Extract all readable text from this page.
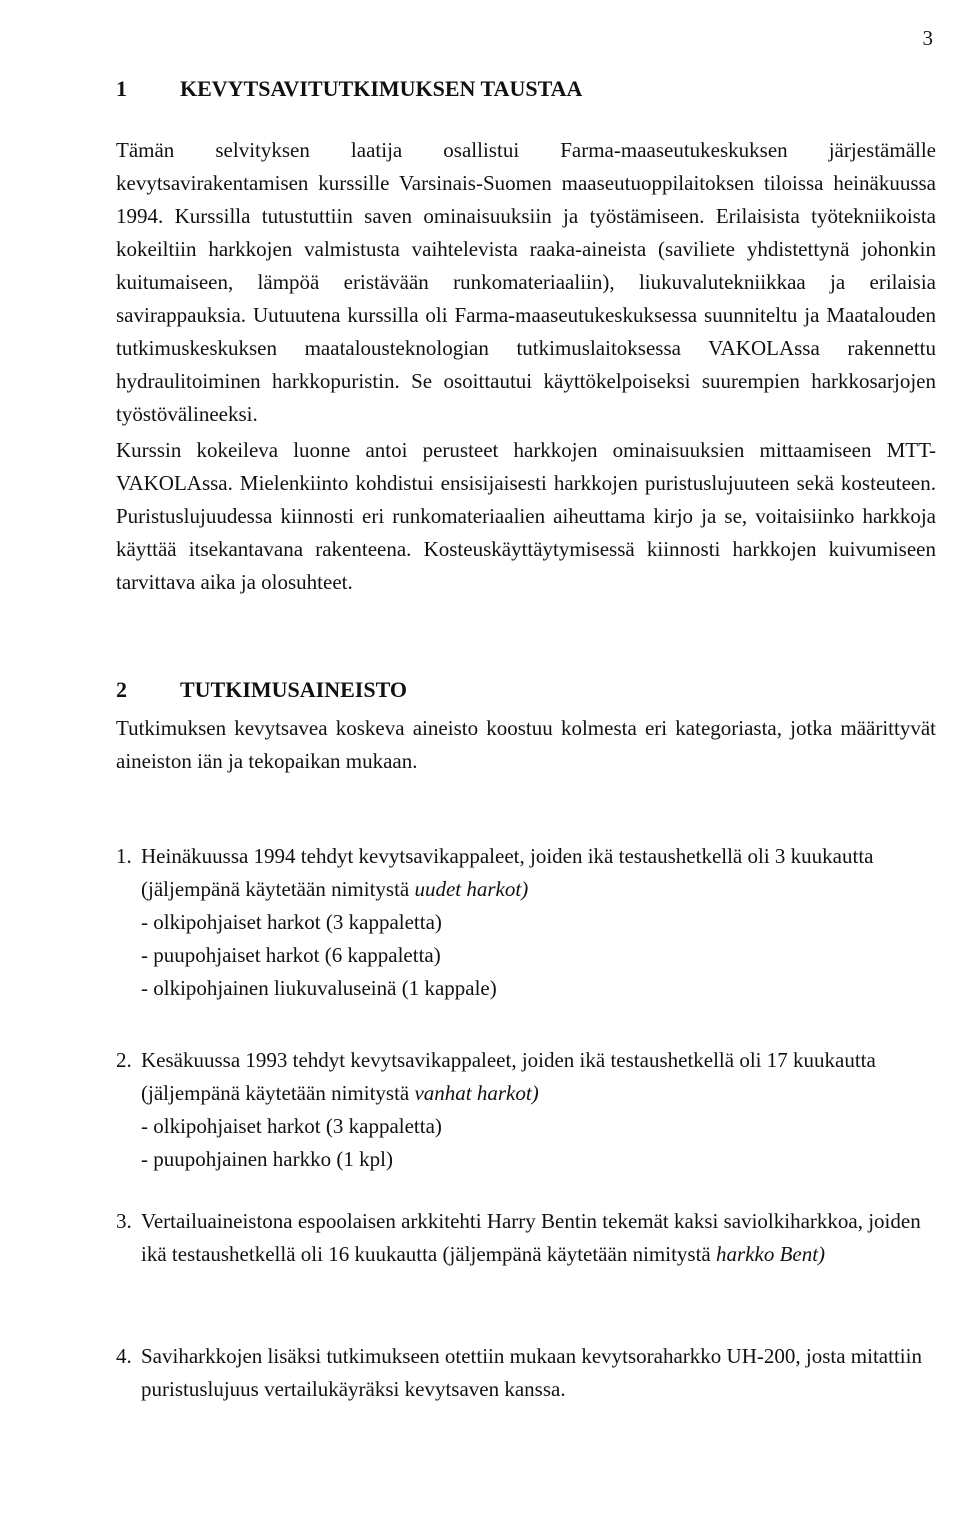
3
1 KEVYTSAVITUTKIMUKSEN TAUSTAA

Tämän selvityksen laatija osallistui Farma-maaseutukeskuksen järjestämälle kevytsavirakentamisen kurssille Varsinais-Suomen maaseutuoppilaitoksen tiloissa heinäkuussa 1994. Kurssilla tutustuttiin saven ominaisuuksiin ja työstämiseen. Erilaisista työtekniikoista kokeiltiin harkkojen valmistusta vaihtelevista raaka-aineista (saviliete yhdistettynä johonkin kuitumaiseen, lämpöä eristävään runkomateriaaliin), liukuvalutekniikkaa ja erilaisia savirappauksia. Uutuutena kurssilla oli Farma-maaseutukeskuksessa suunniteltu ja Maatalouden tutkimuskeskuksen maatalousteknologian tutkimuslaitoksessa VAKOLAssa rakennettu hydraulitoiminen harkkopuristin. Se osoittautui käyttökelpoiseksi suurempien harkkosarjojen työstövälineeksi.

Kurssin kokeileva luonne antoi perusteet harkkojen ominaisuuksien mittaamiseen MTT-VAKOLAssa. Mielenkiinto kohdistui ensisijaisesti harkkojen puristuslujuuteen sekä kosteuteen. Puristuslujuudessa kiinnosti eri runkomateriaalien aiheuttama kirjo ja se, voitaisiinko harkkoja käyttää itsekantavana rakenteena. Kosteuskäyttäytymisessä kiinnosti harkkojen kuivumiseen tarvittava aika ja olosuhteet.

2 TUTKIMUSAINEISTO

Tutkimuksen kevytsavea koskeva aineisto koostuu kolmesta eri kategoriasta, jotka määrittyvät aineiston iän ja tekopaikan mukaan.

1. Heinäkuussa 1994 tehdyt kevytsavikappaleet, joiden ikä testaushetkellä oli 3 kuukautta (jäljempänä käytetään nimitystä uudet harkot)
- olkipohjaiset harkot (3 kappaletta)
- puupohjaiset harkot (6 kappaletta)
- olkipohjainen liukuvaluseinä (1 kappale)
2. Kesäkuussa 1993 tehdyt kevytsavikappaleet, joiden ikä testaushetkellä oli 17 kuukautta (jäljempänä käytetään nimitystä vanhat harkot)
- olkipohjaiset harkot (3 kappaletta)
- puupohjainen harkko (1 kpl)
3. Vertailuaineistona espoolaisen arkkitehti Harry Bentin tekemät kaksi saviolkiharkkoa, joiden ikä testaushetkellä oli 16 kuukautta (jäljempänä käytetään nimitystä harkko Bent)
4. Saviharkkojen lisäksi tutkimukseen otettiin mukaan kevytsoraharkko UH-200, josta mitattiin puristuslujuus vertailukäyräksi kevytsaven kanssa.
